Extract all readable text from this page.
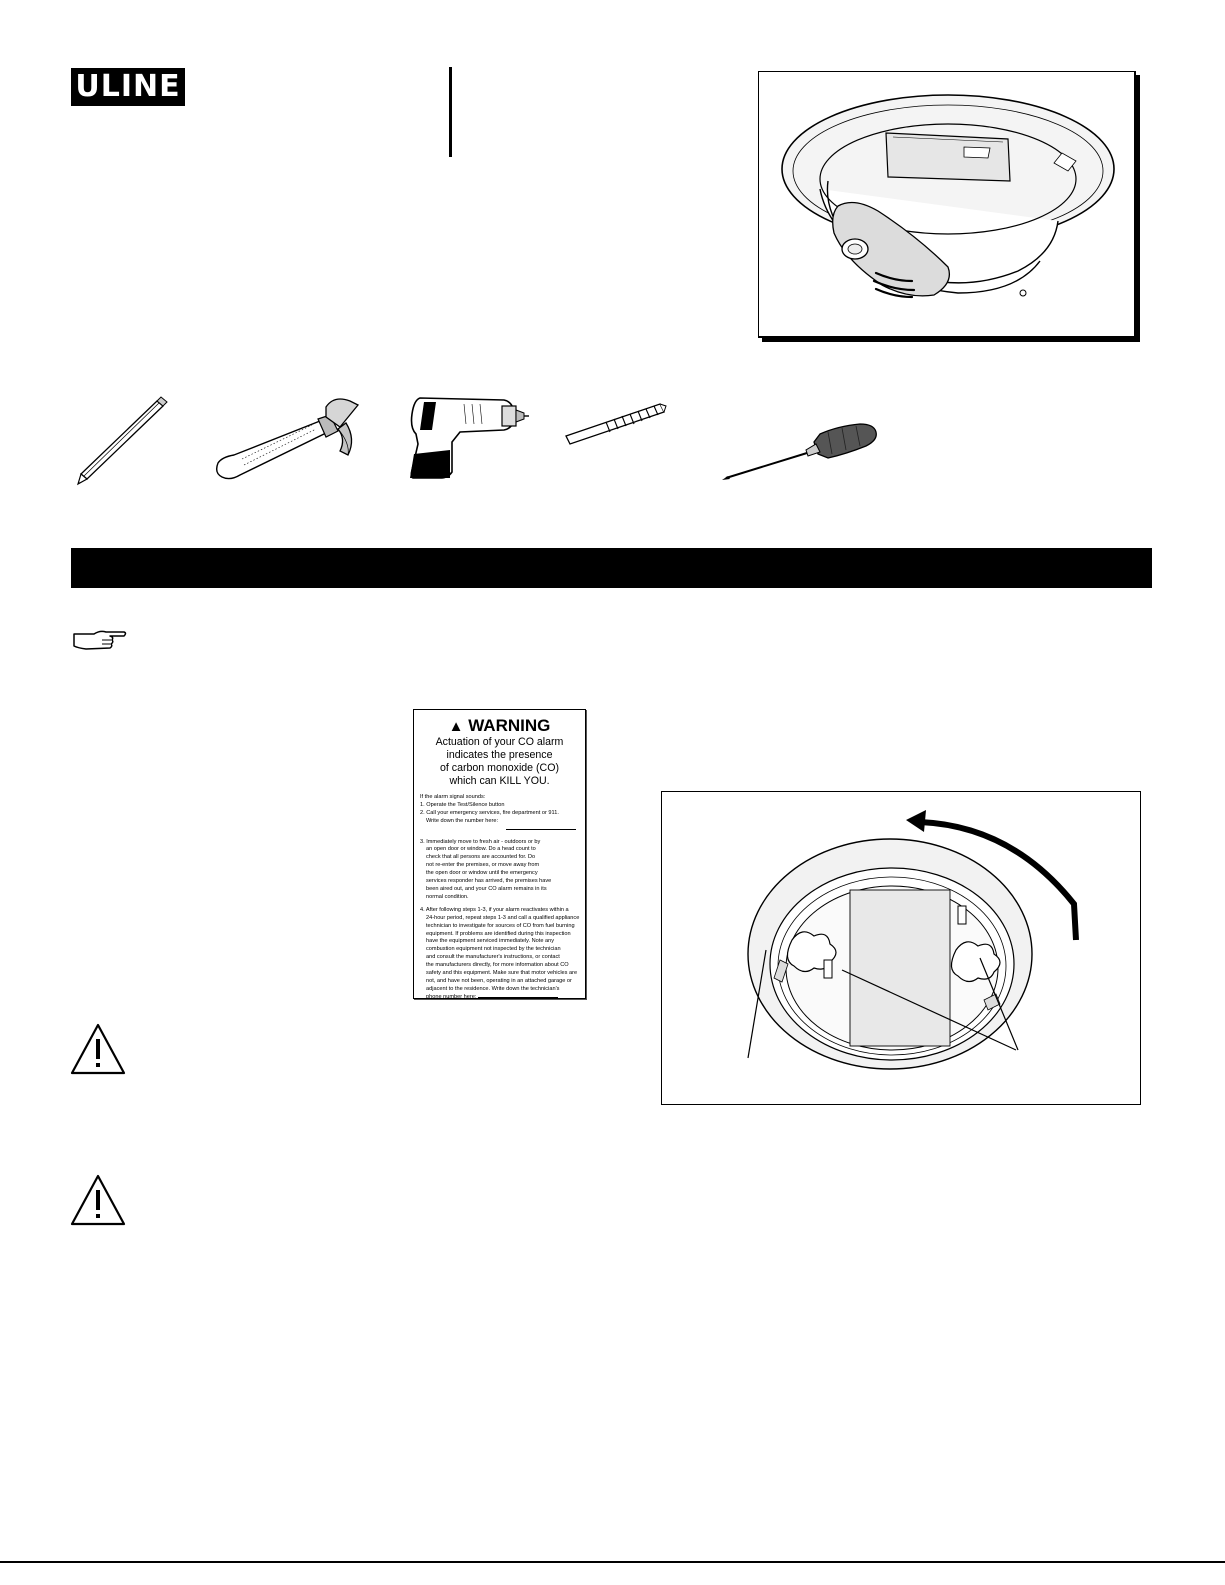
ULINE
▲ WARNING
Actuation of your CO alarm
indicates the presence
of carbon monoxide (CO)
which can KILL YOU.

If the alarm signal sounds:

1. Operate the Test/Silence button

2. Call your emergency services, fire department or 911.

Write down the number here:

3. Immediately move to fresh air - outdoors or by

an open door or window. Do a head count to

check that all persons are accounted for. Do

not re-enter the premises, or move away from

the open door or window until the emergency

services responder has arrived, the premises have

been aired out, and your CO alarm remains in its

normal condition.

4. After following steps 1-3, if your alarm reactivates within a

24-hour period, repeat steps 1-3 and call a qualified appliance

technician to investigate for sources of CO from fuel burning

equipment. If problems are identified during this inspection

have the equipment serviced immediately. Note any

combustion equipment not inspected by the technician

and consult the manufacturer's instructions, or contact

the manufacturers directly, for more information about CO

safety and this equipment. Make sure that motor vehicles are

not, and have not been, operating in an attached garage or

adjacent to the residence. Write down the technician's

phone number here:
